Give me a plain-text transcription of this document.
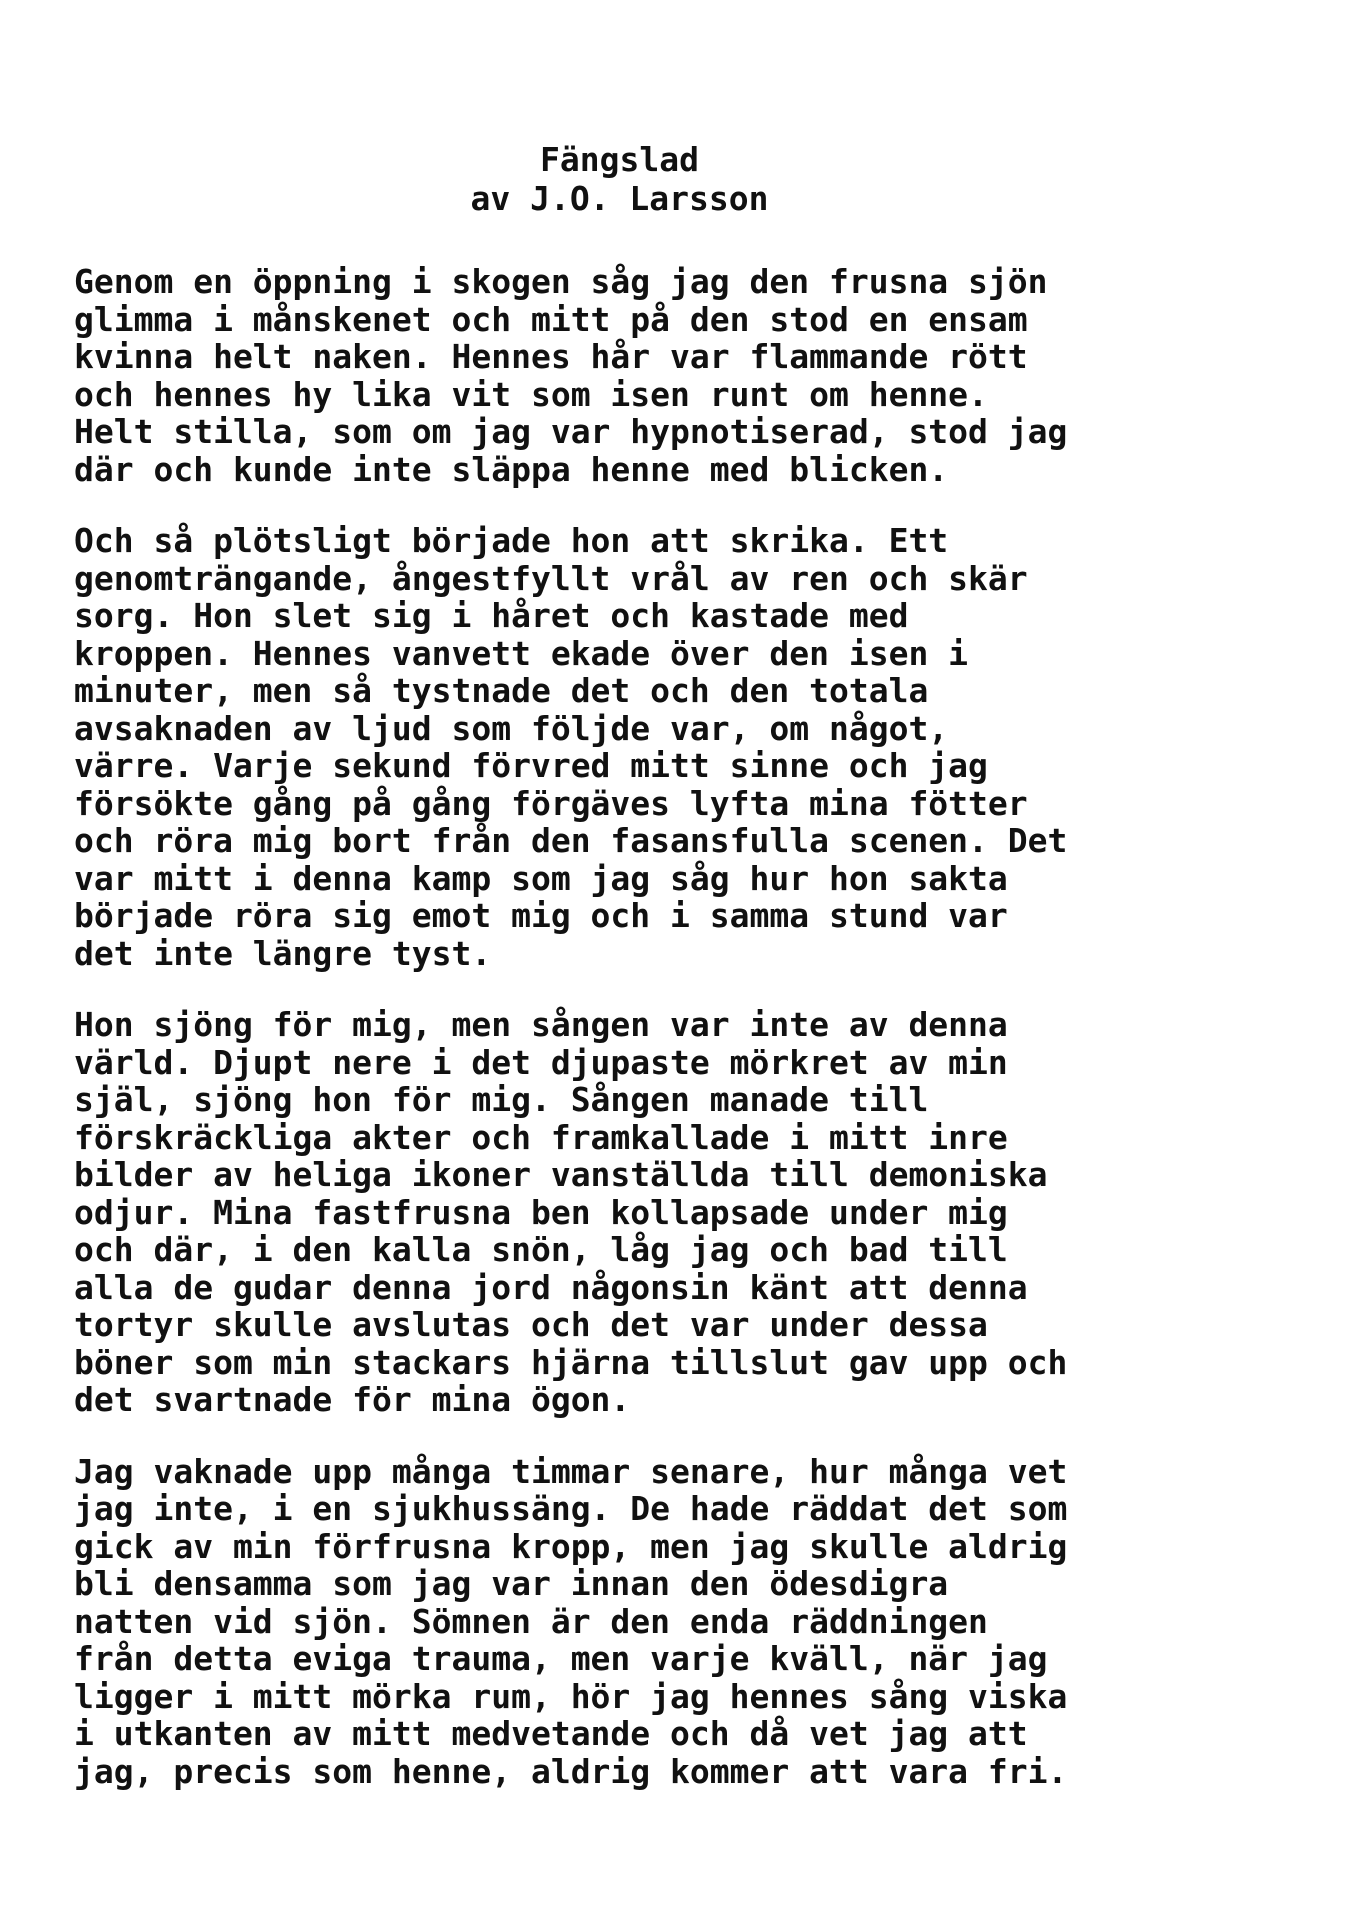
Fängslad
av J.O. Larsson
Genom en öppning i skogen såg jag den frusna sjön
glimma i månskenet och mitt på den stod en ensam
kvinna helt naken. Hennes hår var flammande rött
och hennes hy lika vit som isen runt om henne.
Helt stilla, som om jag var hypnotiserad, stod jag
där och kunde inte släppa henne med blicken.
Och så plötsligt började hon att skrika. Ett
genomträngande, ångestfyllt vrål av ren och skär
sorg. Hon slet sig i håret och kastade med
kroppen. Hennes vanvett ekade över den isen i
minuter, men så tystnade det och den totala
avsaknaden av ljud som följde var, om något,
värre. Varje sekund förvred mitt sinne och jag
försökte gång på gång förgäves lyfta mina fötter
och röra mig bort från den fasansfulla scenen. Det
var mitt i denna kamp som jag såg hur hon sakta
började röra sig emot mig och i samma stund var
det inte längre tyst.
Hon sjöng för mig, men sången var inte av denna
värld. Djupt nere i det djupaste mörkret av min
själ, sjöng hon för mig. Sången manade till
förskräckliga akter och framkallade i mitt inre
bilder av heliga ikoner vanställda till demoniska
odjur. Mina fastfrusna ben kollapsade under mig
och där, i den kalla snön, låg jag och bad till
alla de gudar denna jord någonsin känt att denna
tortyr skulle avslutas och det var under dessa
böner som min stackars hjärna tillslut gav upp och
det svartnade för mina ögon.
Jag vaknade upp många timmar senare, hur många vet
jag inte, i en sjukhussäng. De hade räddat det som
gick av min förfrusna kropp, men jag skulle aldrig
bli densamma som jag var innan den ödesdigra
natten vid sjön. Sömnen är den enda räddningen
från detta eviga trauma, men varje kväll, när jag
ligger i mitt mörka rum, hör jag hennes sång viska
i utkanten av mitt medvetande och då vet jag att
jag, precis som henne, aldrig kommer att vara fri.
